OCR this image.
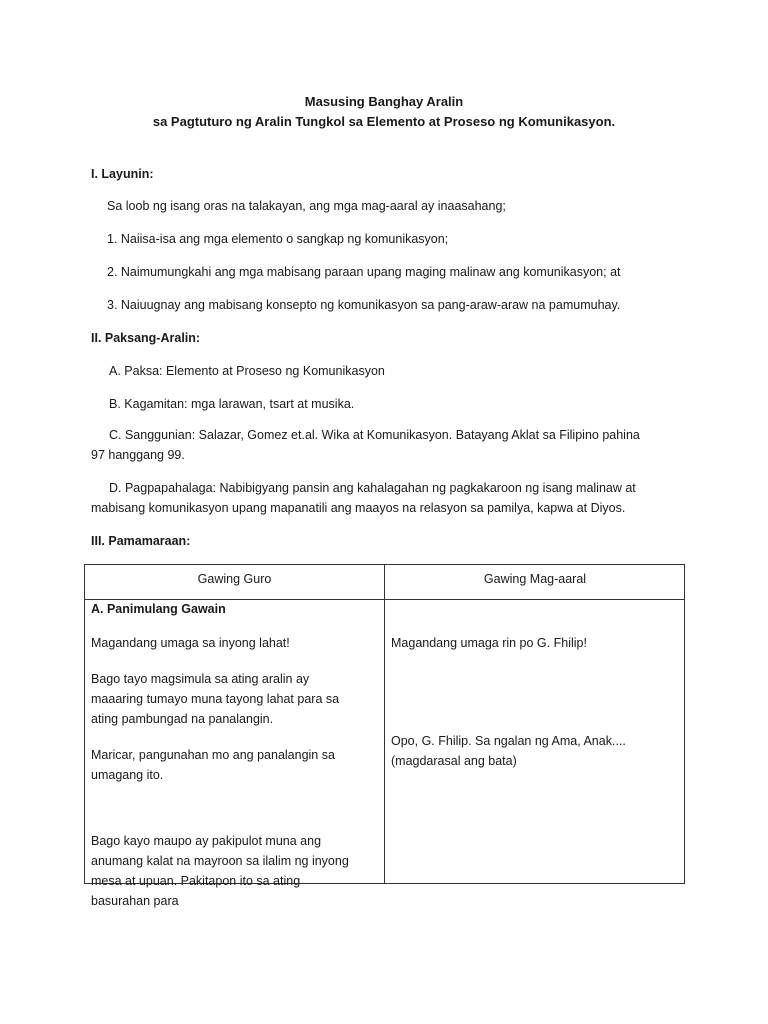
Masusing Banghay Aralin
sa Pagtuturo ng Aralin Tungkol sa Elemento at Proseso ng Komunikasyon.
I. Layunin:
Sa loob ng isang oras na talakayan, ang mga mag-aaral ay inaasahang;
1. Naiisa-isa ang mga elemento o sangkap ng komunikasyon;
2. Naimumungkahi ang mga mabisang paraan upang maging malinaw ang komunikasyon; at
3. Naiuugnay ang mabisang konsepto ng komunikasyon sa pang-araw-araw na pamumuhay.
II. Paksang-Aralin:
A. Paksa: Elemento at Proseso ng Komunikasyon
B. Kagamitan: mga larawan, tsart at musika.
C. Sanggunian: Salazar, Gomez et.al. Wika at Komunikasyon. Batayang Aklat sa Filipino pahina 97 hanggang 99.
D. Pagpapahalaga: Nabibigyang pansin ang kahalagahan ng pagkakaroon ng isang malinaw at mabisang komunikasyon upang mapanatili ang maayos na relasyon sa pamilya, kapwa at Diyos.
III. Pamamaraan:
Gawing Guro	Gawing Mag-aaral
A. Panimulang Gawain
Magandang umaga sa inyong lahat!
Bago tayo magsimula sa ating aralin ay maaaring tumayo muna tayong lahat para sa ating pambungad na panalangin.
Maricar, pangunahan mo ang panalangin sa umagang ito.
Bago kayo maupo ay pakipulot muna ang anumang kalat na mayroon sa ilalim ng inyong mesa at upuan. Pakitapon ito sa ating basurahan para
Magandang umaga rin po G. Fhilip!
Opo, G. Fhilip. Sa ngalan ng Ama, Anak.... (magdarasal ang bata)
